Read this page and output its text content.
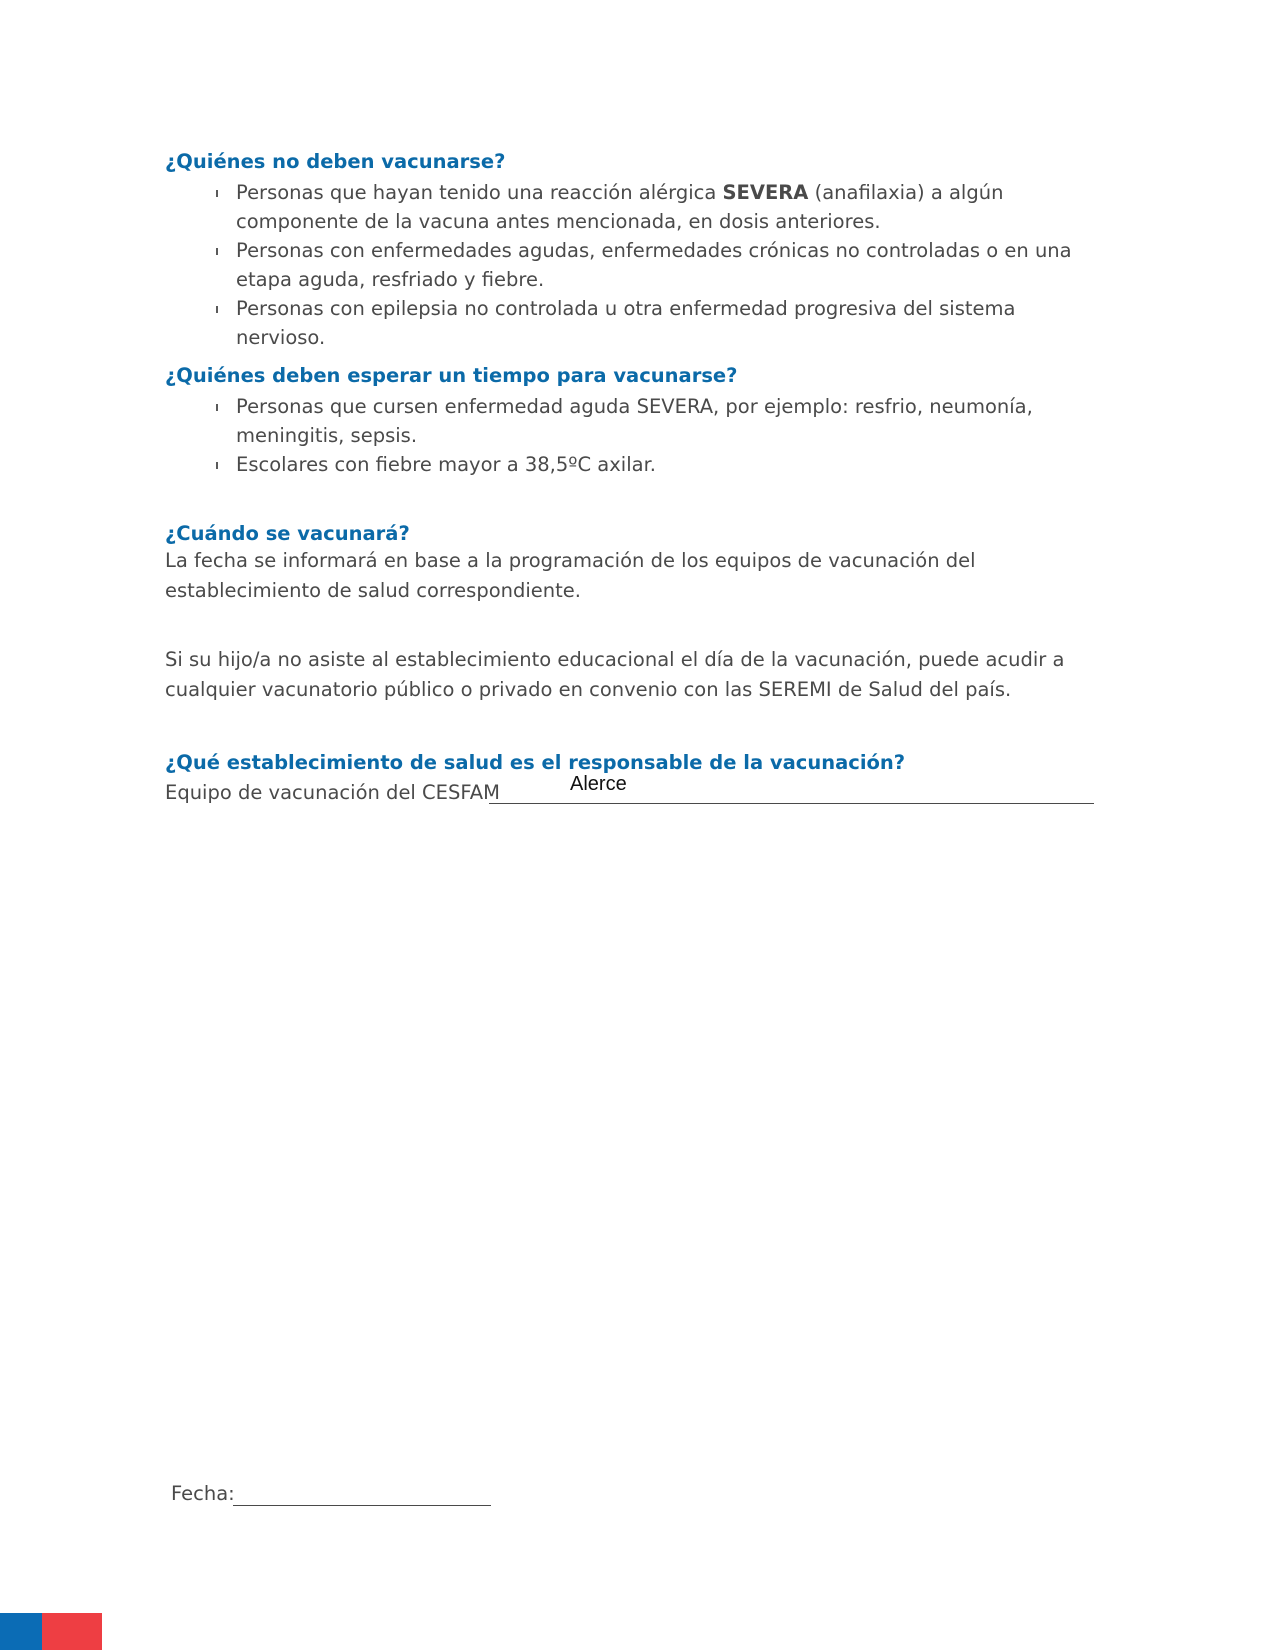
¿Quiénes no deben vacunarse?
Personas que hayan tenido una reacción alérgica SEVERA (anafilaxia) a algún componente de la vacuna antes mencionada, en dosis anteriores.
Personas con enfermedades agudas, enfermedades crónicas no controladas o en una etapa aguda, resfriado y fiebre.
Personas con epilepsia no controlada u otra enfermedad progresiva del sistema nervioso.
¿Quiénes deben esperar un tiempo para vacunarse?
Personas que cursen enfermedad aguda SEVERA, por ejemplo: resfrio, neumonía, meningitis, sepsis.
Escolares con fiebre mayor a 38,5ºC axilar.
¿Cuándo se vacunará?

La fecha se informará en base a la programación de los equipos de vacunación del establecimiento de salud correspondiente.

Si su hijo/a no asiste al establecimiento educacional el día de la vacunación, puede acudir a cualquier vacunatorio público o privado en convenio con las SEREMI de Salud del país.

¿Qué establecimiento de salud es el responsable de la vacunación?
Equipo de vacunación del CESFAM	Alerce
Fecha:
